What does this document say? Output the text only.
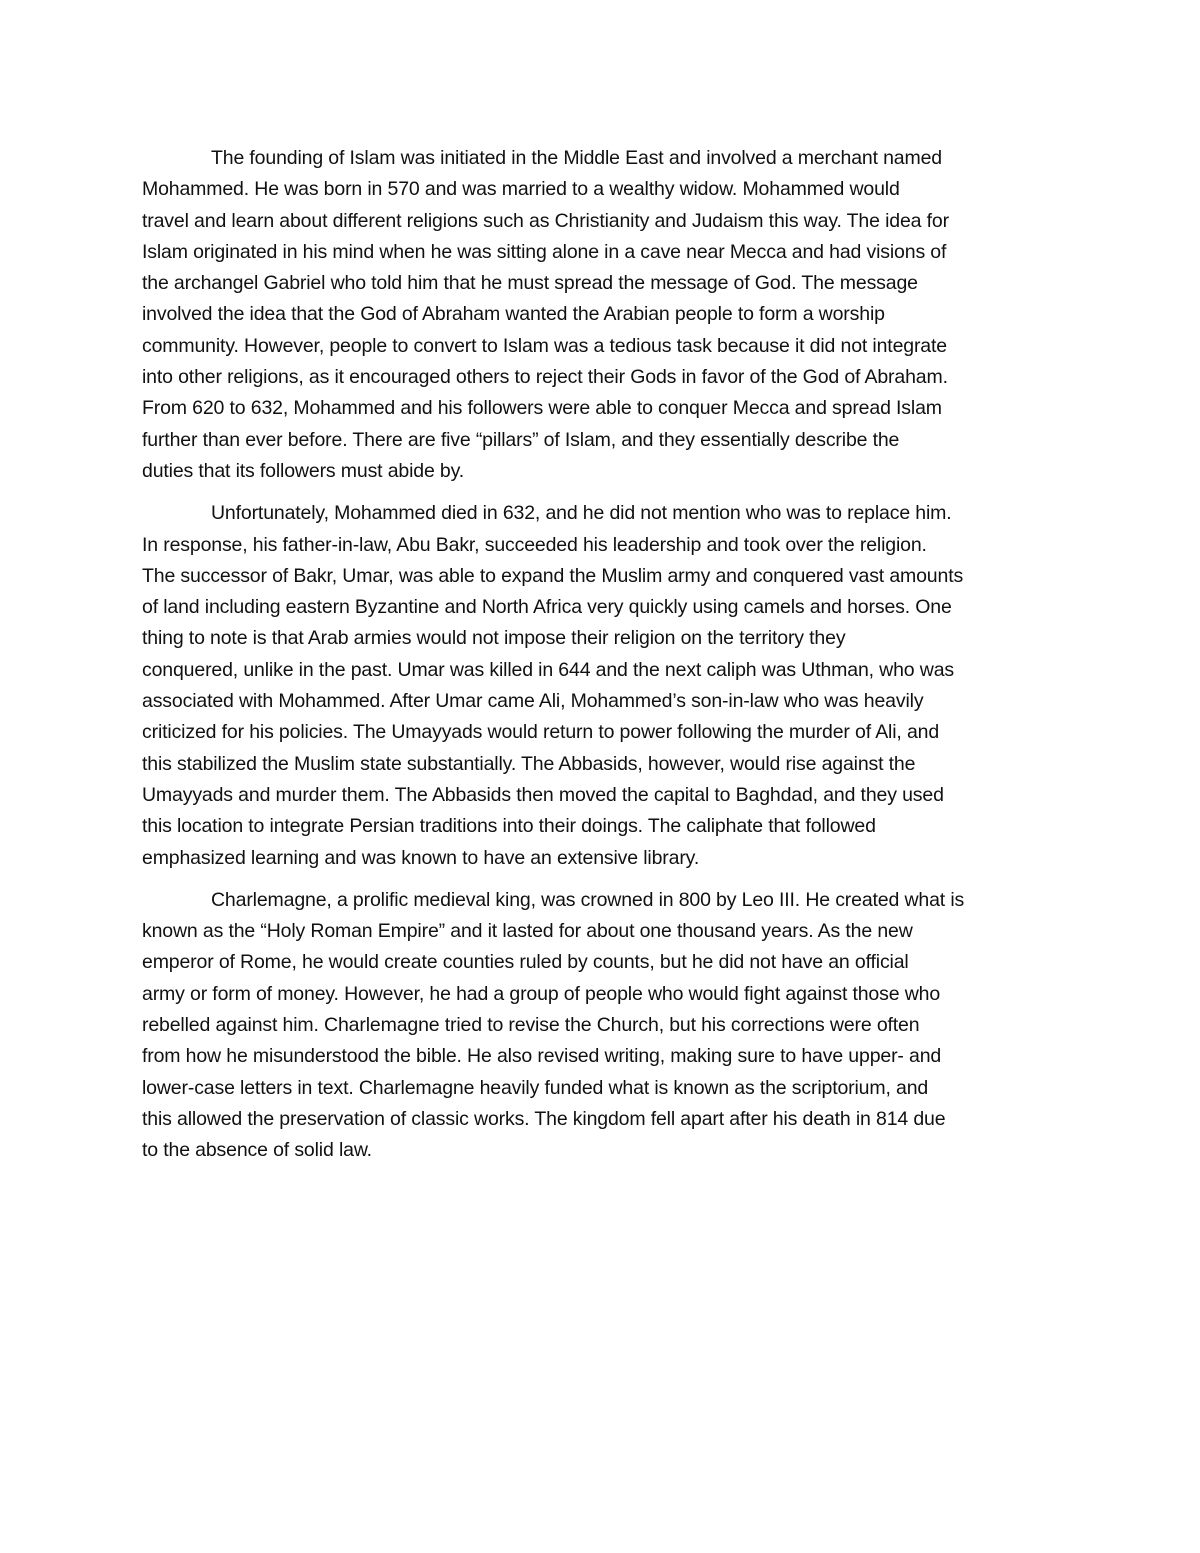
The founding of Islam was initiated in the Middle East and involved a merchant named
Mohammed. He was born in 570 and was married to a wealthy widow. Mohammed would
travel and learn about different religions such as Christianity and Judaism this way. The idea for
Islam originated in his mind when he was sitting alone in a cave near Mecca and had visions of
the archangel Gabriel who told him that he must spread the message of God. The message
involved the idea that the God of Abraham wanted the Arabian people to form a worship
community. However, people to convert to Islam was a tedious task because it did not integrate
into other religions, as it encouraged others to reject their Gods in favor of the God of Abraham.
From 620 to 632, Mohammed and his followers were able to conquer Mecca and spread Islam
further than ever before. There are five “pillars” of Islam, and they essentially describe the
duties that its followers must abide by.

Unfortunately, Mohammed died in 632, and he did not mention who was to replace him.
In response, his father-in-law, Abu Bakr, succeeded his leadership and took over the religion.
The successor of Bakr, Umar, was able to expand the Muslim army and conquered vast amounts
of land including eastern Byzantine and North Africa very quickly using camels and horses. One
thing to note is that Arab armies would not impose their religion on the territory they
conquered, unlike in the past. Umar was killed in 644 and the next caliph was Uthman, who was
associated with Mohammed. After Umar came Ali, Mohammed’s son-in-law who was heavily
criticized for his policies. The Umayyads would return to power following the murder of Ali, and
this stabilized the Muslim state substantially. The Abbasids, however, would rise against the
Umayyads and murder them. The Abbasids then moved the capital to Baghdad, and they used
this location to integrate Persian traditions into their doings. The caliphate that followed
emphasized learning and was known to have an extensive library.

Charlemagne, a prolific medieval king, was crowned in 800 by Leo III. He created what is
known as the “Holy Roman Empire” and it lasted for about one thousand years. As the new
emperor of Rome, he would create counties ruled by counts, but he did not have an official
army or form of money. However, he had a group of people who would fight against those who
rebelled against him. Charlemagne tried to revise the Church, but his corrections were often
from how he misunderstood the bible. He also revised writing, making sure to have upper- and
lower-case letters in text. Charlemagne heavily funded what is known as the scriptorium, and
this allowed the preservation of classic works. The kingdom fell apart after his death in 814 due
to the absence of solid law.
